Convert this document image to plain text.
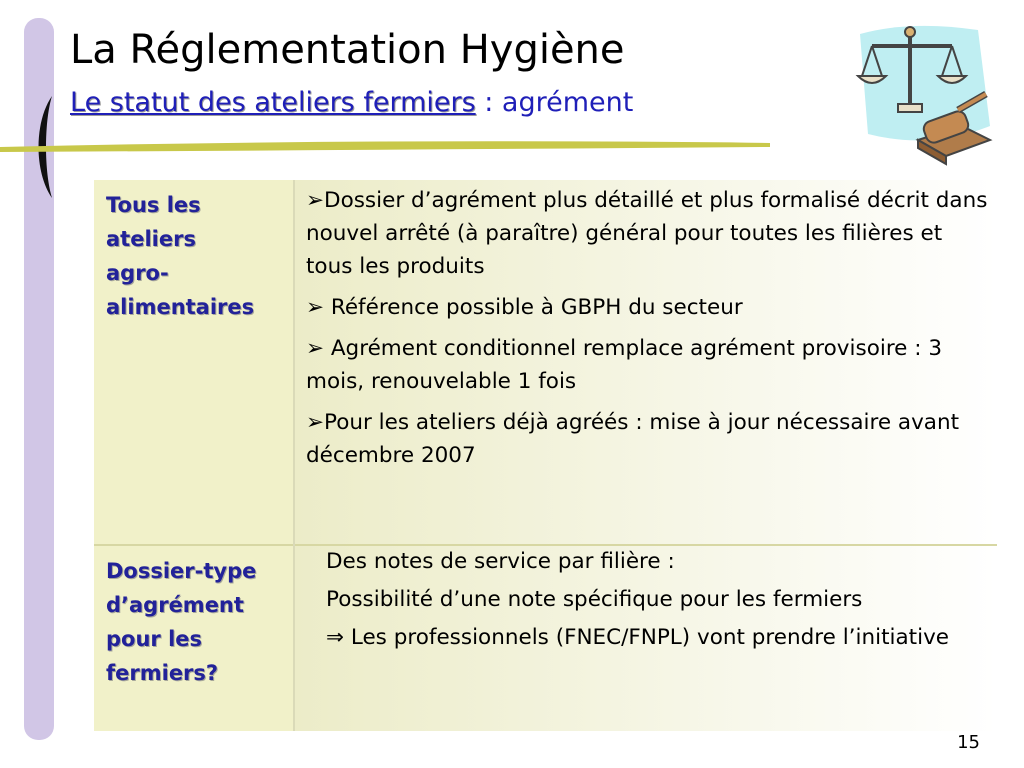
La Réglementation Hygiène
Le statut des ateliers fermiers : agrément
Tous les
ateliers
agro-
alimentaires

➢Dossier d’agrément plus détaillé et plus formalisé décrit dans nouvel arrêté (à paraître) général pour toutes les filières et tous les produits

➢ Référence possible à GBPH du secteur

➢ Agrément conditionnel remplace agrément provisoire : 3 mois, renouvelable 1 fois

➢Pour les ateliers déjà agréés : mise à jour nécessaire avant décembre 2007

Dossier-type
d’agrément
pour les
fermiers?

Des notes de service par filière :

Possibilité d’une note spécifique pour les fermiers

⇒ Les professionnels (FNEC/FNPL) vont prendre l’initiative

15
